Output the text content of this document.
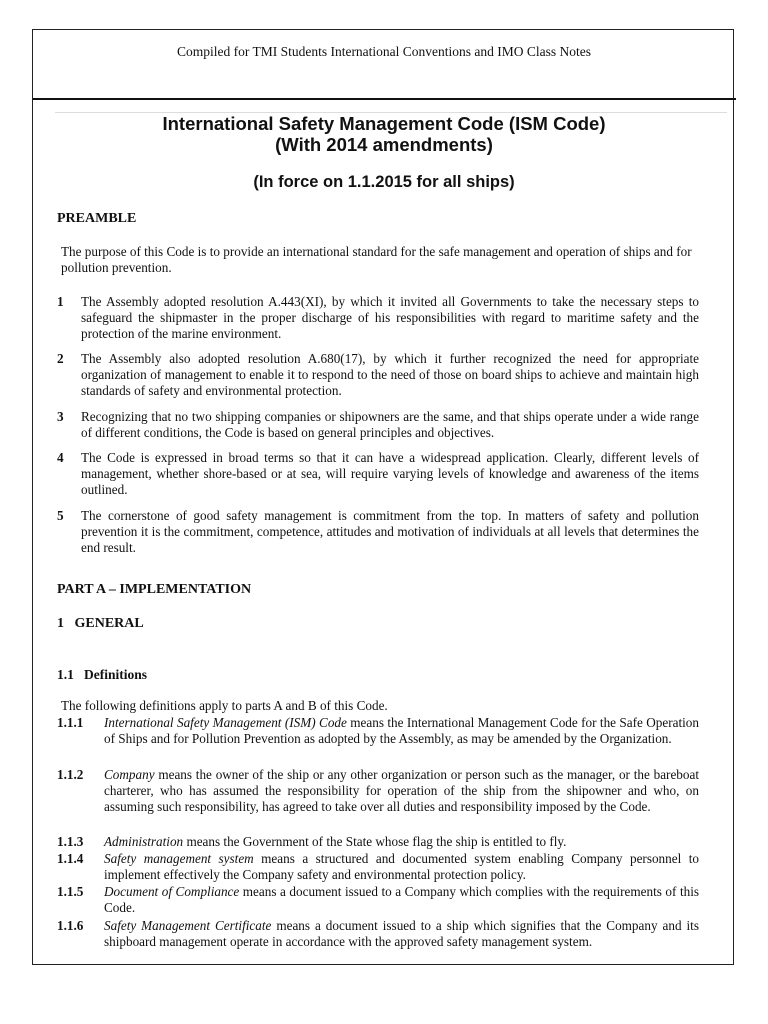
Compiled for TMI Students International Conventions and IMO Class Notes
International Safety Management Code (ISM Code)
(With 2014 amendments)
(In force on 1.1.2015 for all ships)
PREAMBLE
The purpose of this Code is to provide an international standard for the safe management and operation of ships and for pollution prevention.
1 The Assembly adopted resolution A.443(XI), by which it invited all Governments to take the necessary steps to safeguard the shipmaster in the proper discharge of his responsibilities with regard to maritime safety and the protection of the marine environment.
2 The Assembly also adopted resolution A.680(17), by which it further recognized the need for appropriate organization of management to enable it to respond to the need of those on board ships to achieve and maintain high standards of safety and environmental protection.
3 Recognizing that no two shipping companies or shipowners are the same, and that ships operate under a wide range of different conditions, the Code is based on general principles and objectives.
4 The Code is expressed in broad terms so that it can have a widespread application. Clearly, different levels of management, whether shore-based or at sea, will require varying levels of knowledge and awareness of the items outlined.
5 The cornerstone of good safety management is commitment from the top. In matters of safety and pollution prevention it is the commitment, competence, attitudes and motivation of individuals at all levels that determines the end result.
PART A – IMPLEMENTATION
1   GENERAL
1.1   Definitions
The following definitions apply to parts A and B of this Code.
1.1.1 International Safety Management (ISM) Code means the International Management Code for the Safe Operation of Ships and for Pollution Prevention as adopted by the Assembly, as may be amended by the Organization.
1.1.2 Company means the owner of the ship or any other organization or person such as the manager, or the bareboat charterer, who has assumed the responsibility for operation of the ship from the shipowner and who, on assuming such responsibility, has agreed to take over all duties and responsibility imposed by the Code.
1.1.3 Administration means the Government of the State whose flag the ship is entitled to fly.
1.1.4 Safety management system means a structured and documented system enabling Company personnel to implement effectively the Company safety and environmental protection policy.
1.1.5 Document of Compliance means a document issued to a Company which complies with the requirements of this Code.
1.1.6 Safety Management Certificate means a document issued to a ship which signifies that the Company and its shipboard management operate in accordance with the approved safety management system.
